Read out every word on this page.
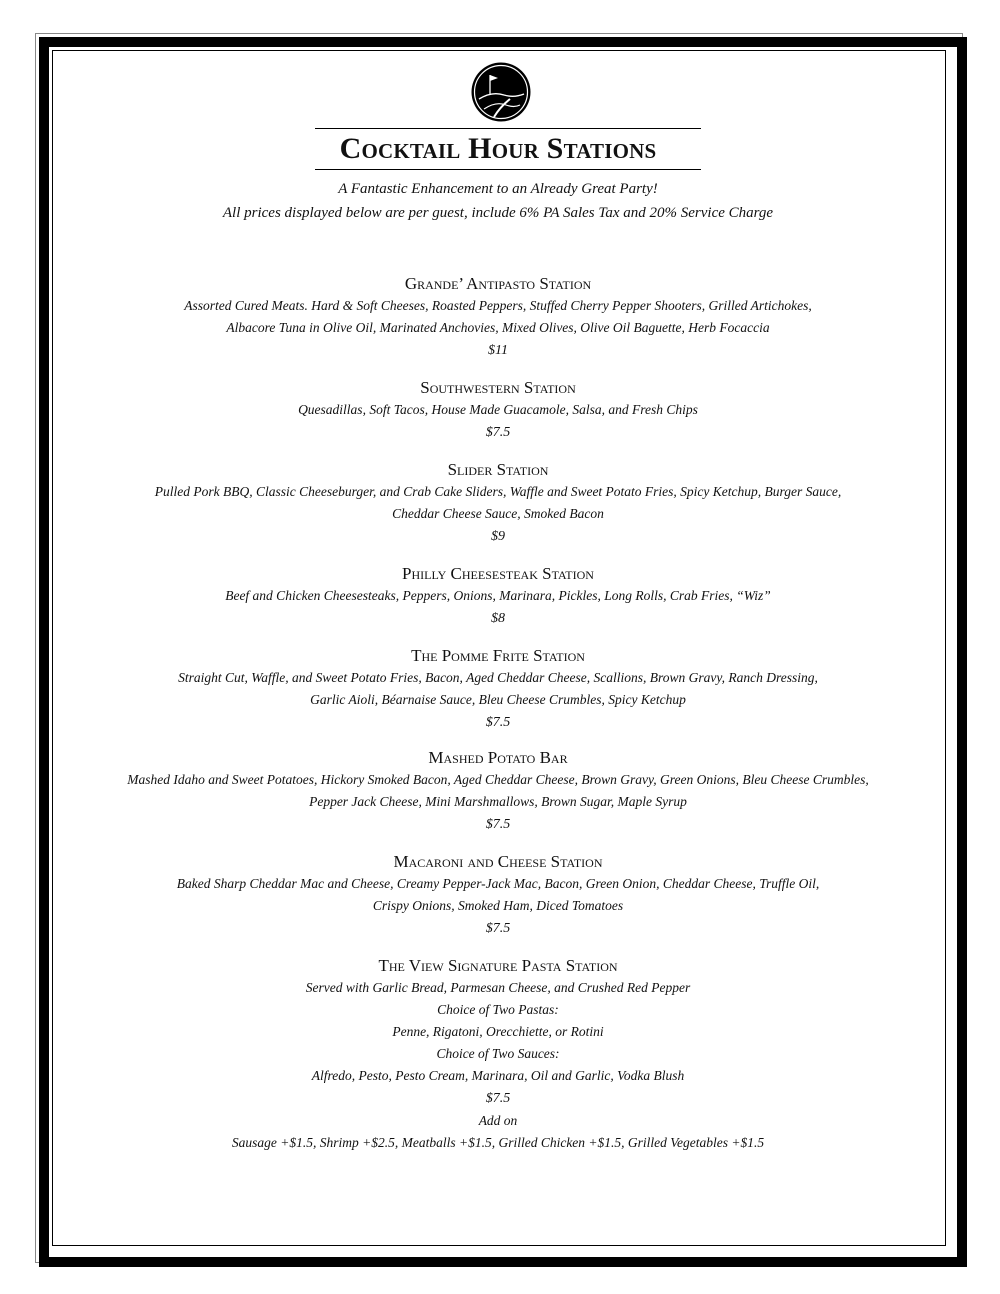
Cocktail Hour Stations
A Fantastic Enhancement to an Already Great Party!
All prices displayed below are per guest, include 6% PA Sales Tax and 20% Service Charge

Grande’ Antipasto Station

Assorted Cured Meats. Hard & Soft Cheeses, Roasted Peppers, Stuffed Cherry Pepper Shooters, Grilled Artichokes,

Albacore Tuna in Olive Oil, Marinated Anchovies, Mixed Olives, Olive Oil Baguette, Herb Focaccia

$11

Southwestern Station

Quesadillas, Soft Tacos, House Made Guacamole, Salsa, and Fresh Chips

$7.5

Slider Station

Pulled Pork BBQ, Classic Cheeseburger, and Crab Cake Sliders, Waffle and Sweet Potato Fries, Spicy Ketchup, Burger Sauce,

Cheddar Cheese Sauce, Smoked Bacon

$9

Philly Cheesesteak Station

Beef and Chicken Cheesesteaks, Peppers, Onions, Marinara, Pickles, Long Rolls, Crab Fries, “Wiz”

$8

The Pomme Frite Station

Straight Cut, Waffle, and Sweet Potato Fries, Bacon, Aged Cheddar Cheese, Scallions, Brown Gravy, Ranch Dressing,

Garlic Aioli, Béarnaise Sauce, Bleu Cheese Crumbles, Spicy Ketchup

$7.5

Mashed Potato Bar

Mashed Idaho and Sweet Potatoes, Hickory Smoked Bacon, Aged Cheddar Cheese, Brown Gravy, Green Onions, Bleu Cheese Crumbles,

Pepper Jack Cheese, Mini Marshmallows, Brown Sugar, Maple Syrup

$7.5

Macaroni and Cheese Station

Baked Sharp Cheddar Mac and Cheese, Creamy Pepper-Jack Mac, Bacon, Green Onion, Cheddar Cheese, Truffle Oil,

Crispy Onions, Smoked Ham, Diced Tomatoes

$7.5

The View Signature Pasta Station

Served with Garlic Bread, Parmesan Cheese, and Crushed Red Pepper

Choice of Two Pastas:

Penne, Rigatoni, Orecchiette, or Rotini

Choice of Two Sauces:

Alfredo, Pesto, Pesto Cream, Marinara, Oil and Garlic, Vodka Blush

$7.5

Add on

Sausage +$1.5, Shrimp +$2.5, Meatballs +$1.5, Grilled Chicken +$1.5, Grilled Vegetables +$1.5
